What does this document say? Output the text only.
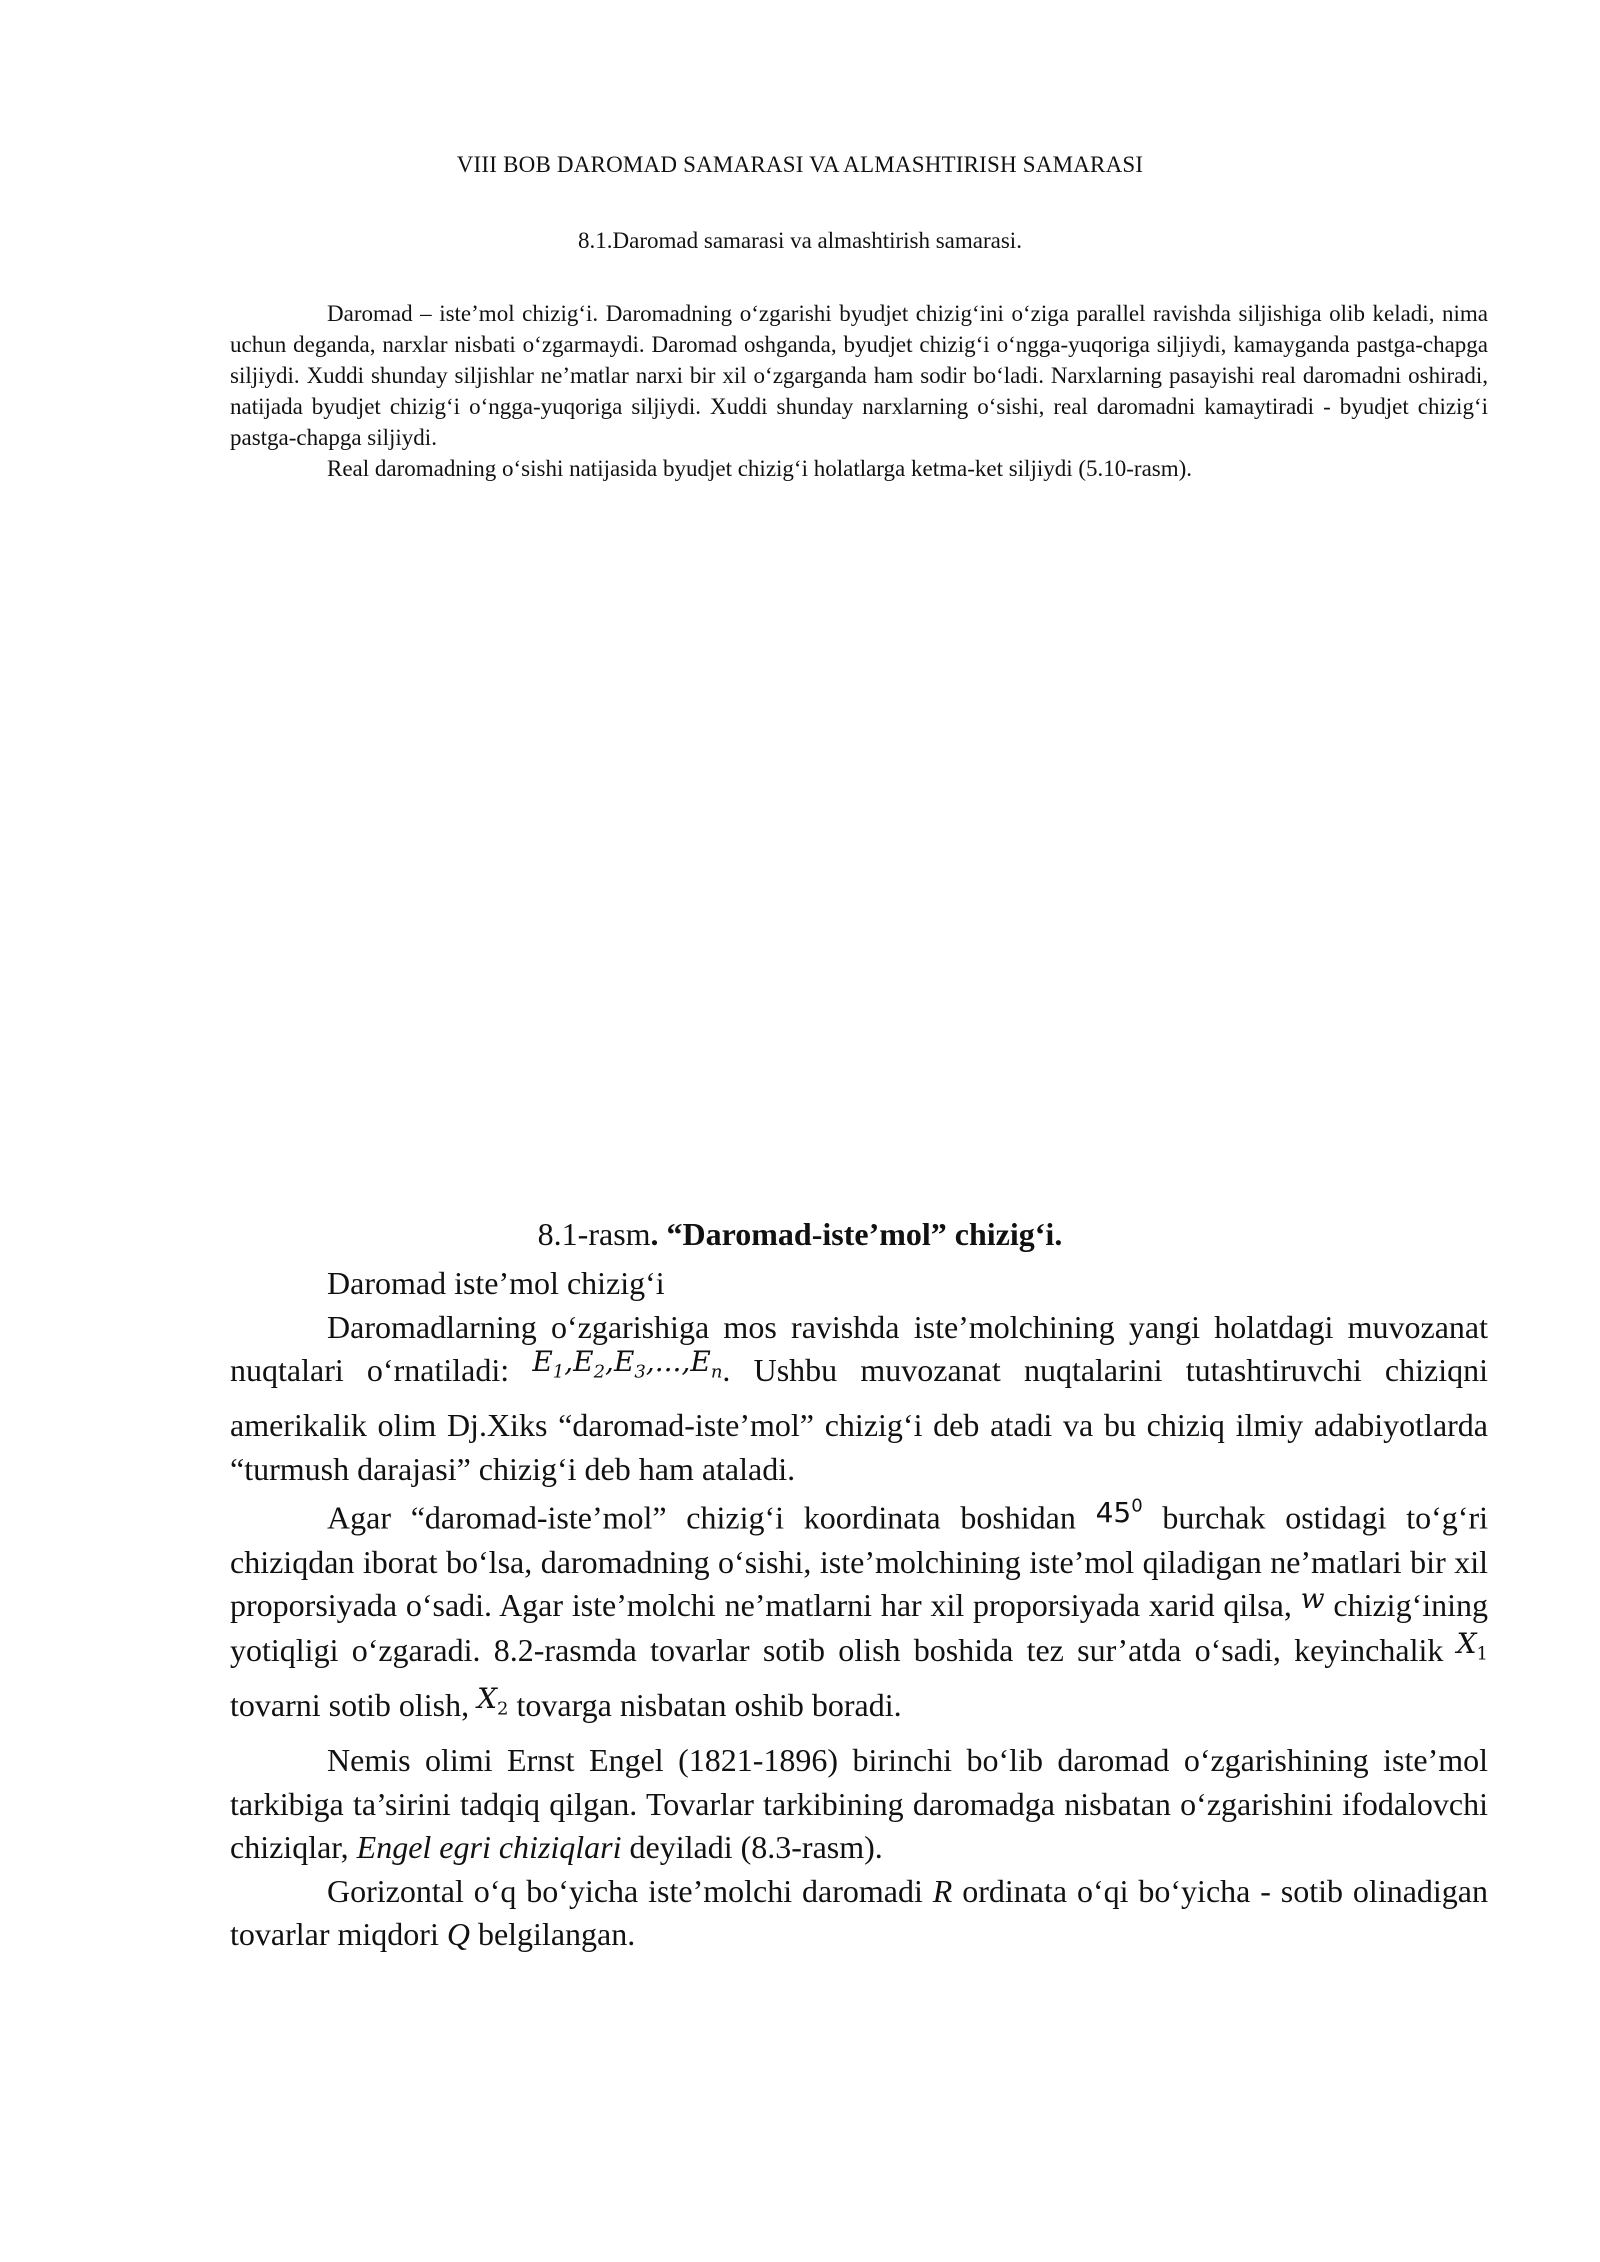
VIII BOB DAROMAD SAMARASI VA ALMASHTIRISH SAMARASI
8.1.Daromad samarasi va almashtirish samarasi.

Daromad – iste’mol chizig‘i. Daromadning o‘zgarishi byudjet chizig‘ini o‘ziga parallel ravishda siljishiga olib keladi, nima uchun deganda, narxlar nisbati o‘zgarmaydi. Daromad oshganda, byudjet chizig‘i o‘ngga-yuqoriga siljiydi, kamayganda pastga-chapga siljiydi. Xuddi shunday siljishlar ne’matlar narxi bir xil o‘zgarganda ham sodir bo‘ladi. Narxlarning pasayishi real daromadni oshiradi, natijada byudjet chizig‘i o‘ngga-yuqoriga siljiydi. Xuddi shunday narxlarning o‘sishi, real daromadni kamaytiradi - byudjet chizig‘i pastga-chapga siljiydi.

Real daromadning o‘sishi natijasida byudjet chizig‘i holatlarga ketma-ket siljiydi (5.10-rasm).

8.1-rasm. “Daromad-iste’mol” chizig‘i.

Daromad iste’mol chizig‘i

Daromadlarning o‘zgarishiga mos ravishda iste’molchining yangi holatdagi muvozanat nuqtalari o‘rnatiladi: $E_1,E_2,E_3,...,E_n$. Ushbu muvozanat nuqtalarini tutashtiruvchi chiziqni amerikalik olim Dj.Xiks “daromad-iste’mol” chizig‘i deb atadi va bu chiziq ilmiy adabiyotlarda “turmush darajasi” chizig‘i deb ham ataladi.

Agar “daromad-iste’mol” chizig‘i koordinata boshidan $45^0$ burchak ostidagi to‘g‘ri chiziqdan iborat bo‘lsa, daromadning o‘sishi, iste’molchining iste’mol qiladigan ne’matlari bir xil proporsiyada o‘sadi. Agar iste’molchi ne’matlarni har xil proporsiyada xarid qilsa, w chizig‘ining yotiqligi o‘zgaradi. 8.2-rasmda tovarlar sotib olish boshida tez sur’atda o‘sadi, keyinchalik $X_1$ tovarni sotib olish, $X_2$ tovarga nisbatan oshib boradi.

Nemis olimi Ernst Engel (1821-1896) birinchi bo‘lib daromad o‘zgarishining iste’mol tarkibiga ta’sirini tadqiq qilgan. Tovarlar tarkibining daromadga nisbatan o‘zgarishini ifodalovchi chiziqlar, Engel egri chiziqlari deyiladi (8.3-rasm).

Gorizontal o‘q bo‘yicha iste’molchi daromadi R ordinata o‘qi bo‘yicha - sotib olinadigan tovarlar miqdori Q belgilangan.
